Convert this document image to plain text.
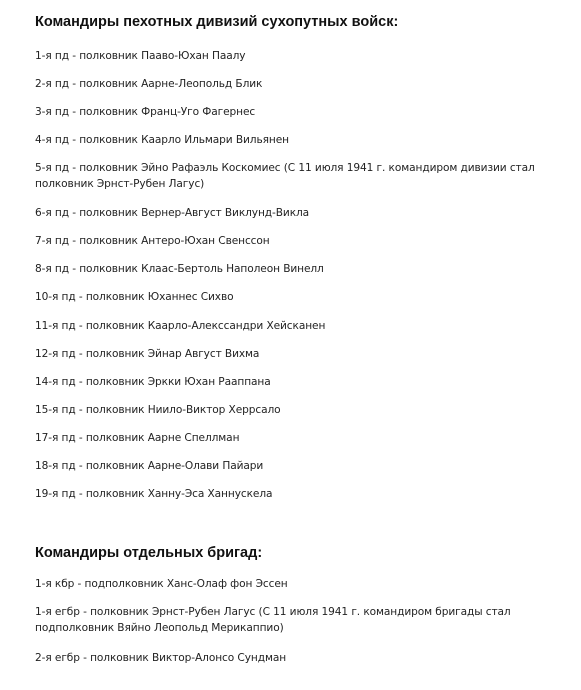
Командиры пехотных дивизий сухопутных войск:
1-я пд - полковник Пааво-Юхан Паалу
2-я пд - полковник Аарне-Леопольд Блик
3-я пд - полковник Франц-Уго Фагернес
4-я пд - полковник Каарло Ильмари Вильянен
5-я пд - полковник Эйно Рафаэль Коскомиес (С 11 июля 1941 г. командиром дивизии стал полковник Эрнст-Рубен Лагус)
6-я пд - полковник Вернер-Август Виклунд-Викла
7-я пд - полковник Антеро-Юхан Свенссон
8-я пд - полковник Клаас-Бертоль Наполеон Винелл
10-я пд - полковник Юханнес Сихво
11-я пд - полковник Каарло-Алекссандри Хейсканен
12-я пд - полковник Эйнар Август Вихма
14-я пд - полковник Эркки Юхан Рааппана
15-я пд - полковник Ниило-Виктор Херрсало
17-я пд - полковник Аарне Спеллман
18-я пд - полковник Аарне-Олави Пайари
19-я пд - полковник Ханну-Эса Ханнускела
Командиры отдельных бригад:
1-я кбр - подполковник Ханс-Олаф фон Эссен
1-я егбр - полковник Эрнст-Рубен Лагус (С 11 июля 1941 г. командиром бригады стал подполковник Вяйно Леопольд Мерикаппио)
2-я егбр - полковник Виктор-Алонсо Сундман
